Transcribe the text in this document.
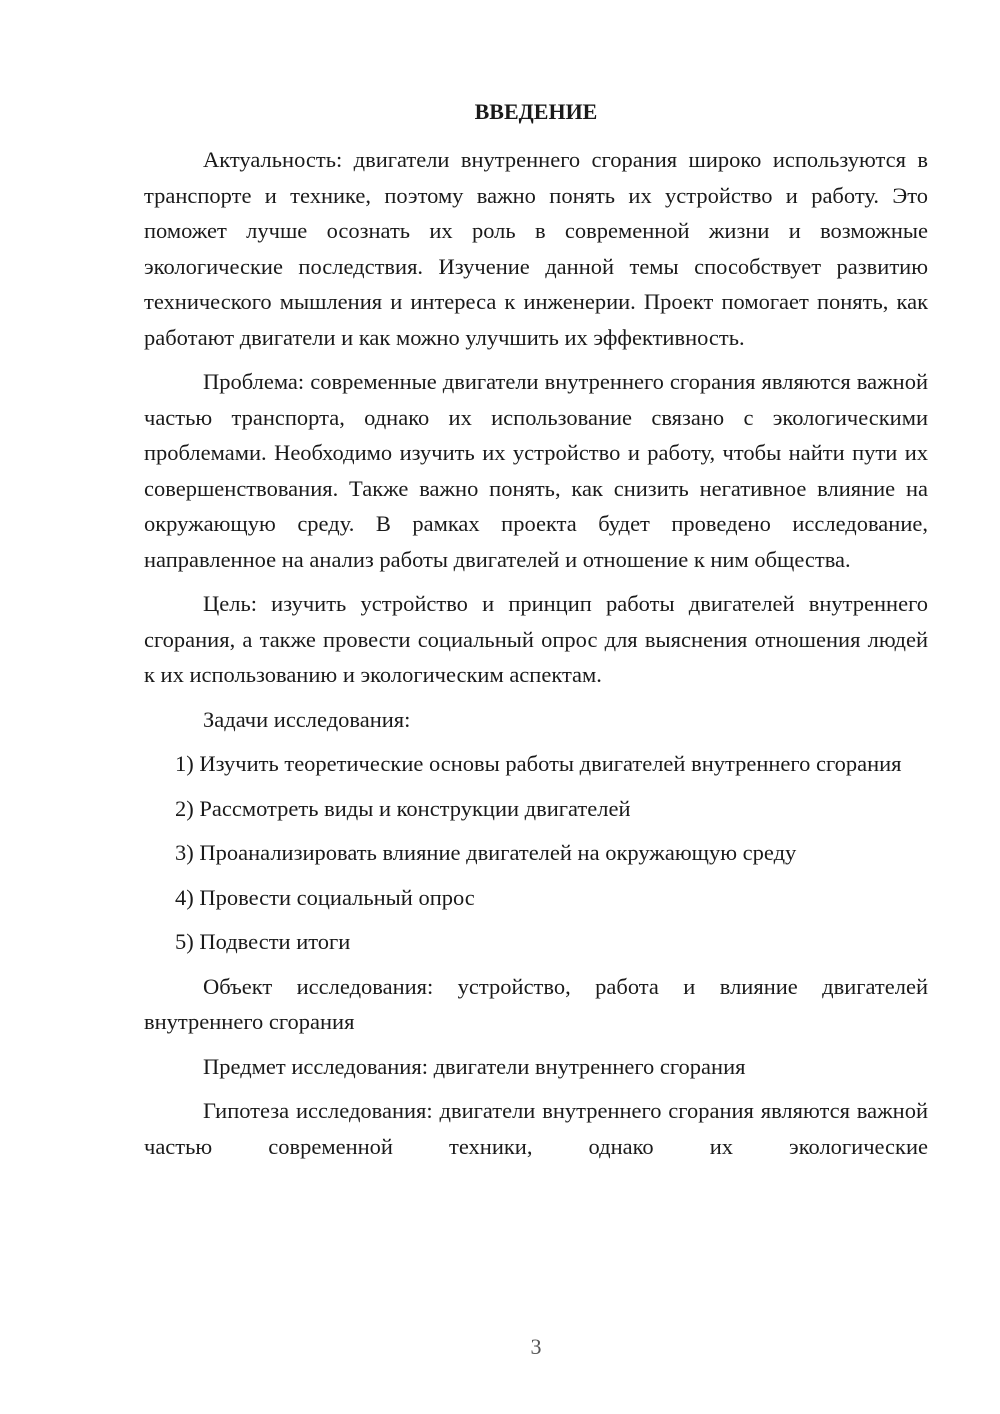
ВВЕДЕНИЕ

Актуальность: двигатели внутреннего сгорания широко используются в транспорте и технике, поэтому важно понять их устройство и работу. Это поможет лучше осознать их роль в современной жизни и возможные экологические последствия. Изучение данной темы способствует развитию технического мышления и интереса к инженерии. Проект помогает понять, как работают двигатели и как можно улучшить их эффективность.

Проблема: современные двигатели внутреннего сгорания являются важной частью транспорта, однако их использование связано с экологическими проблемами. Необходимо изучить их устройство и работу, чтобы найти пути их совершенствования. Также важно понять, как снизить негативное влияние на окружающую среду. В рамках проекта будет проведено исследование, направленное на анализ работы двигателей и отношение к ним общества.

Цель: изучить устройство и принцип работы двигателей внутреннего сгорания, а также провести социальный опрос для выяснения отношения людей к их использованию и экологическим аспектам.

Задачи исследования:

1) Изучить теоретические основы работы двигателей внутреннего сгорания

2) Рассмотреть виды и конструкции двигателей

3) Проанализировать влияние двигателей на окружающую среду

4) Провести социальный опрос

5) Подвести итоги

Объект исследования: устройство, работа и влияние двигателей внутреннего сгорания

Предмет исследования: двигатели внутреннего сгорания

Гипотеза исследования: двигатели внутреннего сгорания являются важной частью современной техники, однако их экологические

3
